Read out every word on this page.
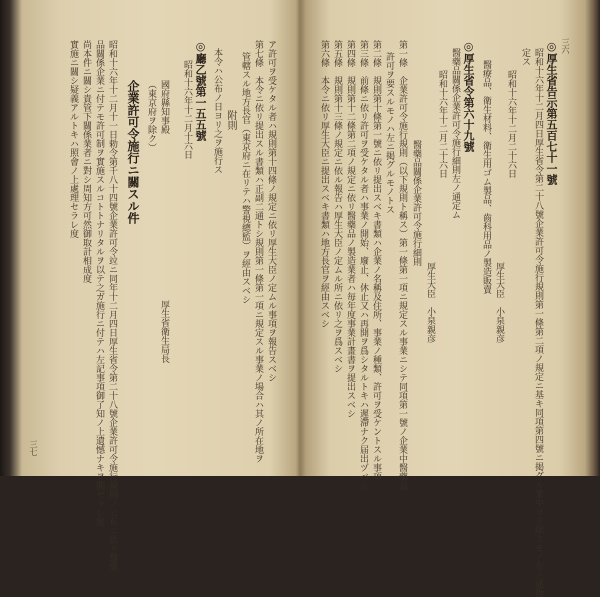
三六
◎厚生省告示第五百七十一號
昭和十六年十二月四日厚生省令第二十八號企業許可令施行規則第一條第二項ノ規定ニ基キ同項第四號ニ掲グル業中ヨリ除クモノ左ノ通指
定ス
昭和十六年十二月二十六日
厚生大臣　小泉親彦
醫療品、衛生材料、衛生用ゴム製品、齒科用品ノ製造販賣
◎厚生省令第六十九號
醫藥品關係企業許可令施行細則左ノ通定ム
昭和十六年十二月二十六日
厚生大臣　小泉親彦
醫藥品關係企業許可令施行細則
第一條　企業許可令施行規則（以下規則ト稱ス）第一條第一項ニ規定スル事業ニシテ同項第一號ノ企業中醫藥品
許可ヲ要スルモノハ左ニ掲グルモノトス
第二條　規則第十條第一號ニ依リ提出スベキ書類ハ企業ノ名稱及住所、事業ノ種類、許可ヲ受ケントスル事項
第三條　前條ニ依リ許可ヲ受ケタル者ハ事業ノ開始、廢止、休止又ハ再開ヲ爲シタルトキハ遲滯ナク届出ヅベシ
第四條　規則第十二條第二項ノ規定ニ依リ醫藥品ノ製造業者ハ毎年度事業計畫書ヲ提出スベシ
第五條　規則第十三條ノ規定ニ依ル報告ハ厚生大臣ノ定ムル所ニ依リ之ヲ爲スベシ
第六條　本令ニ依リ厚生大臣ニ提出スベキ書類ハ地方長官ヲ經由スベシ
ア許可ヲ受ケタル者ハ規則第十四條ノ規定ニ依リ厚生大臣ノ定ムル事項ヲ報告スベシ
第七條　本令ニ依リ提出スル書類ハ正副二通トシ規則第一條第一項ニ規定スル事業ノ場合ハ其ノ所在地ヲ
管轄スル地方長官（東京府ニ在リテハ警視總監）ヲ經由スベシ
附則
本令ハ公布ノ日ヨリ之ヲ施行ス
◎廳乙號第一五五號
昭和十六年十二月十六日
國府縣知事殿
（東京府ヲ除ク）
厚生省衛生局長
企業許可令施行ニ關スル件
昭和十六年十二月十一日勅令第千八十四號企業許可令竝ニ同年十二月四日厚生省令第二十八號企業許可令施行規則ノ公布ニ依リ醫藥
品關係企業ニ付テモ許可制ヲ實施スルコトトナリタルヲ以テ之ガ施行ニ付テハ左記事項御了知ノ上遺憾ナキヲ期セラレ度
尚本件ニ關シ貴管下關係業者ニ對シ周知方可然御取計相成度
實施ニ關シ疑義アルトキハ照會ノ上處理セラレ度
三七
